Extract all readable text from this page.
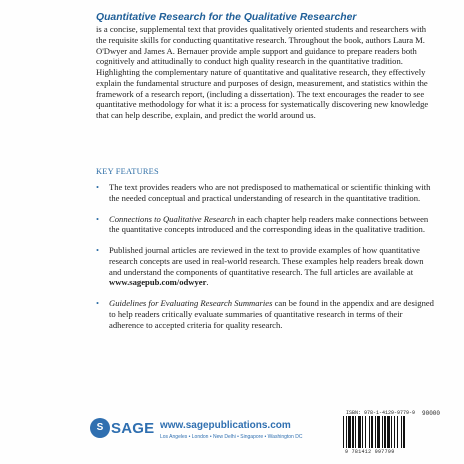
Quantitative Research for the Qualitative Researcher
is a concise, supplemental text that provides qualitatively oriented students and researchers with the requisite skills for conducting quantitative research. Throughout the book, authors Laura M. O'Dwyer and James A. Bernauer provide ample support and guidance to prepare readers both cognitively and attitudinally to conduct high quality research in the quantitative tradition. Highlighting the complementary nature of quantitative and qualitative research, they effectively explain the fundamental structure and purposes of design, measurement, and statistics within the framework of a research report, (including a dissertation). The text encourages the reader to see quantitative methodology for what it is: a process for systematically discovering new knowledge that can help describe, explain, and predict the world around us.
KEY FEATURES
• The text provides readers who are not predisposed to mathematical or scientific thinking with the needed conceptual and practical understanding of research in the quantitative tradition.
• Connections to Qualitative Research in each chapter help readers make connections between the quantitative concepts introduced and the corresponding ideas in the qualitative tradition.
• Published journal articles are reviewed in the text to provide examples of how quantitative research concepts are used in real-world research. These examples help readers break down and understand the components of quantitative research. The full articles are available at www.sagepub.com/odwyer.
• Guidelines for Evaluating Research Summaries can be found in the appendix and are designed to help readers critically evaluate summaries of quantitative research in terms of their adherence to accepted criteria for quality research.
S SAGE www.sagepublications.com
Los Angeles • London • New Delhi • Singapore • Washington DC
ISBN: 978-1-4129-9779-9 90000
9 781412 997799
